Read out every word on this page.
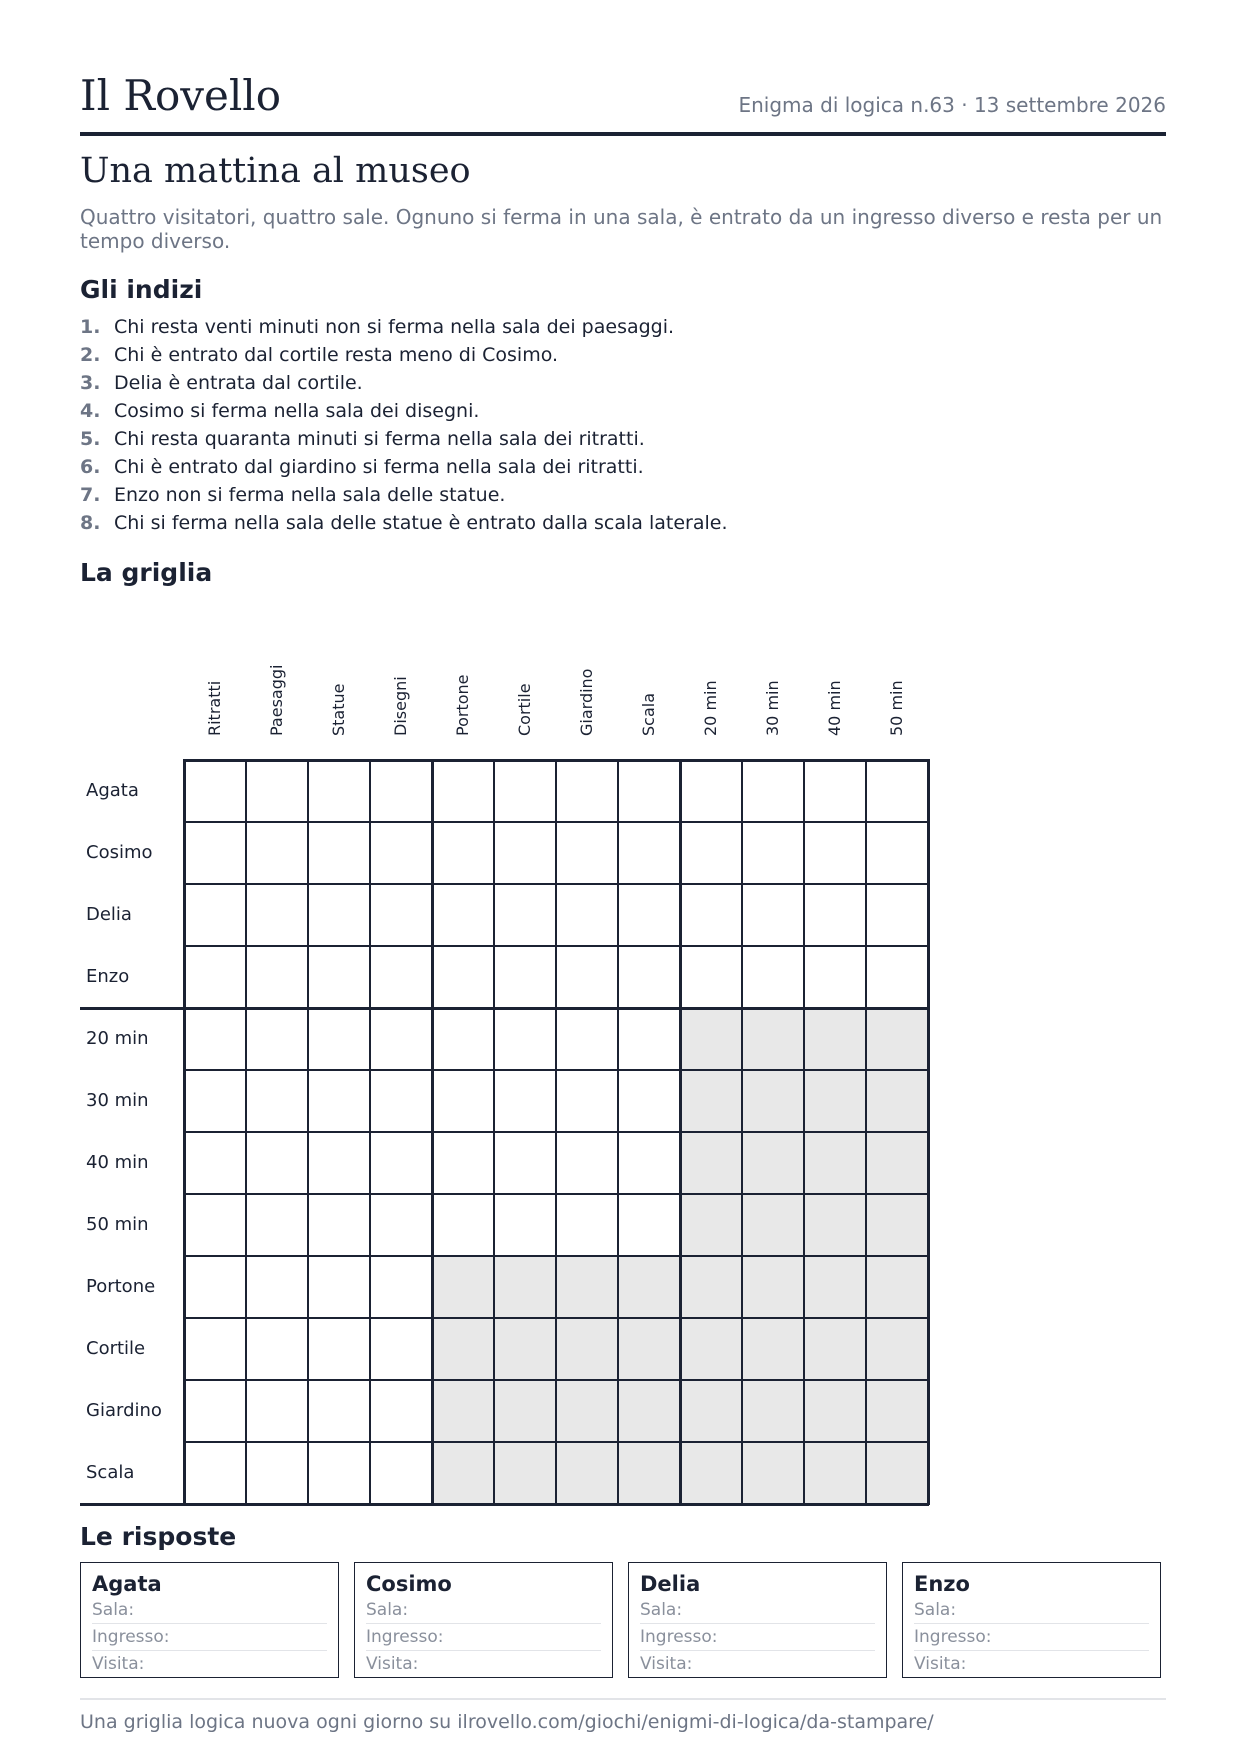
Il Rovello	Enigma di logica n.63 · 13 settembre 2026
Una mattina al museo

Quattro visitatori, quattro sale. Ognuno si ferma in una sala, è entrato da un ingresso diverso e resta per un tempo diverso.

Gli indizi
1. Chi resta venti minuti non si ferma nella sala dei paesaggi.
2. Chi è entrato dal cortile resta meno di Cosimo.
3. Delia è entrata dal cortile.
4. Cosimo si ferma nella sala dei disegni.
5. Chi resta quaranta minuti si ferma nella sala dei ritratti.
6. Chi è entrato dal giardino si ferma nella sala dei ritratti.
7. Enzo non si ferma nella sala delle statue.
8. Chi si ferma nella sala delle statue è entrato dalla scala laterale.
La griglia
Ritratti	Paesaggi	Statue	Disegni	Portone	Cortile	Giardino	Scala	20 min	30 min	40 min	50 min
Agata
Cosimo
Delia
Enzo
20 min
30 min
40 min
50 min
Portone
Cortile
Giardino
Scala
Le risposte
Agata
Sala:
Ingresso:
Visita:
Cosimo
Sala:
Ingresso:
Visita:
Delia
Sala:
Ingresso:
Visita:
Enzo
Sala:
Ingresso:
Visita:
Una griglia logica nuova ogni giorno su ilrovello.com/giochi/enigmi-di-logica/da-stampare/
